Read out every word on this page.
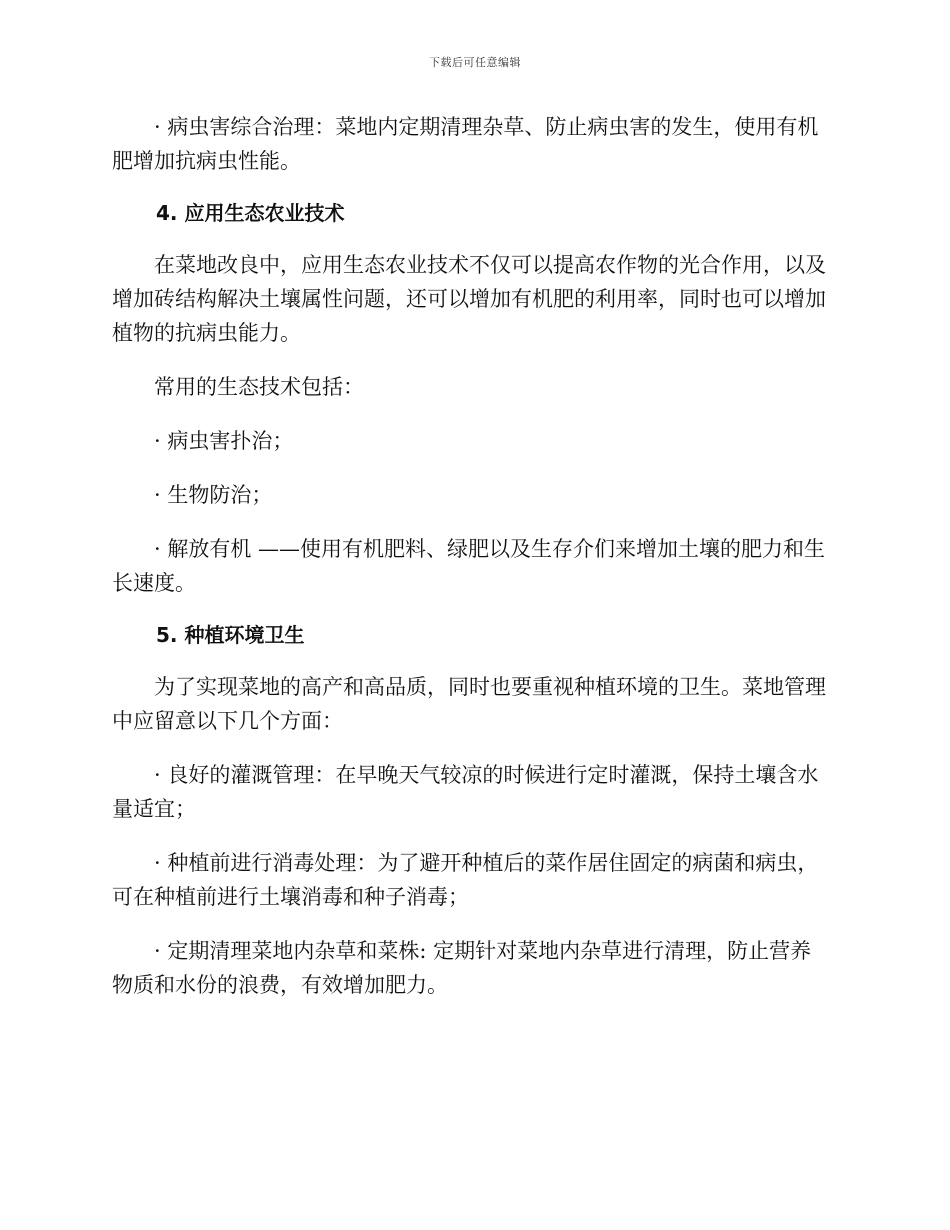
下载后可任意编辑

· 病虫害综合治理：菜地内定期清理杂草、防止病虫害的发生，使用有机肥增加抗病虫性能。

4. 应用生态农业技术

在菜地改良中，应用生态农业技术不仅可以提高农作物的光合作用，以及增加砖结构解决土壤属性问题，还可以增加有机肥的利用率，同时也可以增加植物的抗病虫能力。

常用的生态技术包括：

· 病虫害扑治；

· 生物防治；

· 解放有机 ——使用有机肥料、绿肥以及生存介们来增加土壤的肥力和生长速度。

5. 种植环境卫生

为了实现菜地的高产和高品质，同时也要重视种植环境的卫生。菜地管理中应留意以下几个方面：

· 良好的灌溉管理：在早晚天气较凉的时候进行定时灌溉，保持土壤含水量适宜；

· 种植前进行消毒处理：为了避开种植后的菜作居住固定的病菌和病虫，可在种植前进行土壤消毒和种子消毒；

· 定期清理菜地内杂草和菜株: 定期针对菜地内杂草进行清理，防止营养物质和水份的浪费，有效增加肥力。
